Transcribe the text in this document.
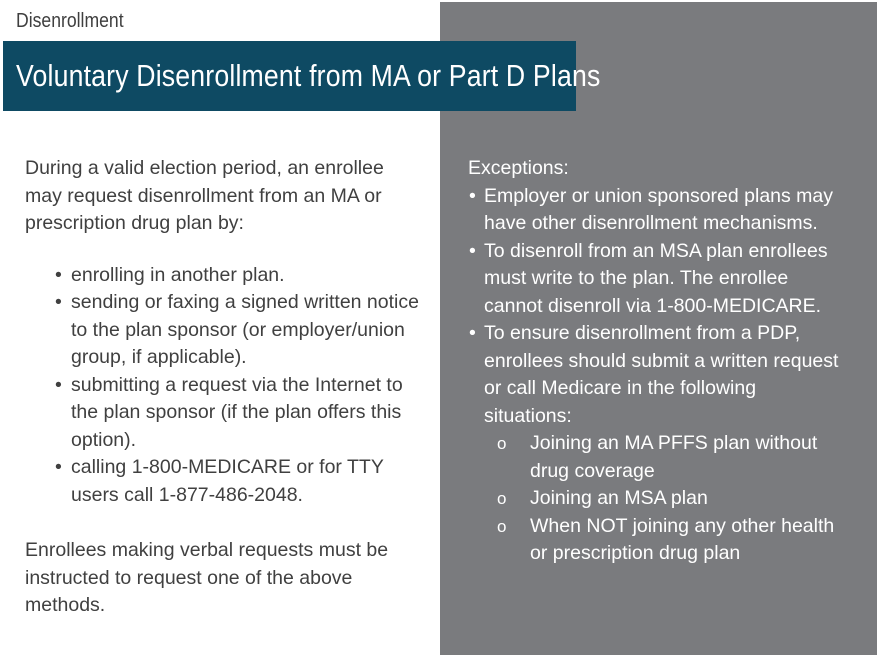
Disenrollment
Voluntary Disenrollment from MA or Part D Plans

During a valid election period, an enrollee may request disenrollment from an MA or prescription drug plan by:

• enrolling in another plan.
• sending or faxing a signed written notice to the plan sponsor (or employer/union group, if applicable).
• submitting a request via the Internet to the plan sponsor (if the plan offers this option).
• calling 1-800-MEDICARE or for TTY users call 1-877-486-2048.

Enrollees making verbal requests must be instructed to request one of the above methods.

Exceptions:
• Employer or union sponsored plans may have other disenrollment mechanisms.
• To disenroll from an MSA plan enrollees must write to the plan. The enrollee cannot disenroll via 1-800-MEDICARE.
• To ensure disenrollment from a PDP, enrollees should submit a written request or call Medicare in the following situations:
o Joining an MA PFFS plan without drug coverage
o Joining an MSA plan
o When NOT joining any other health or prescription drug plan
